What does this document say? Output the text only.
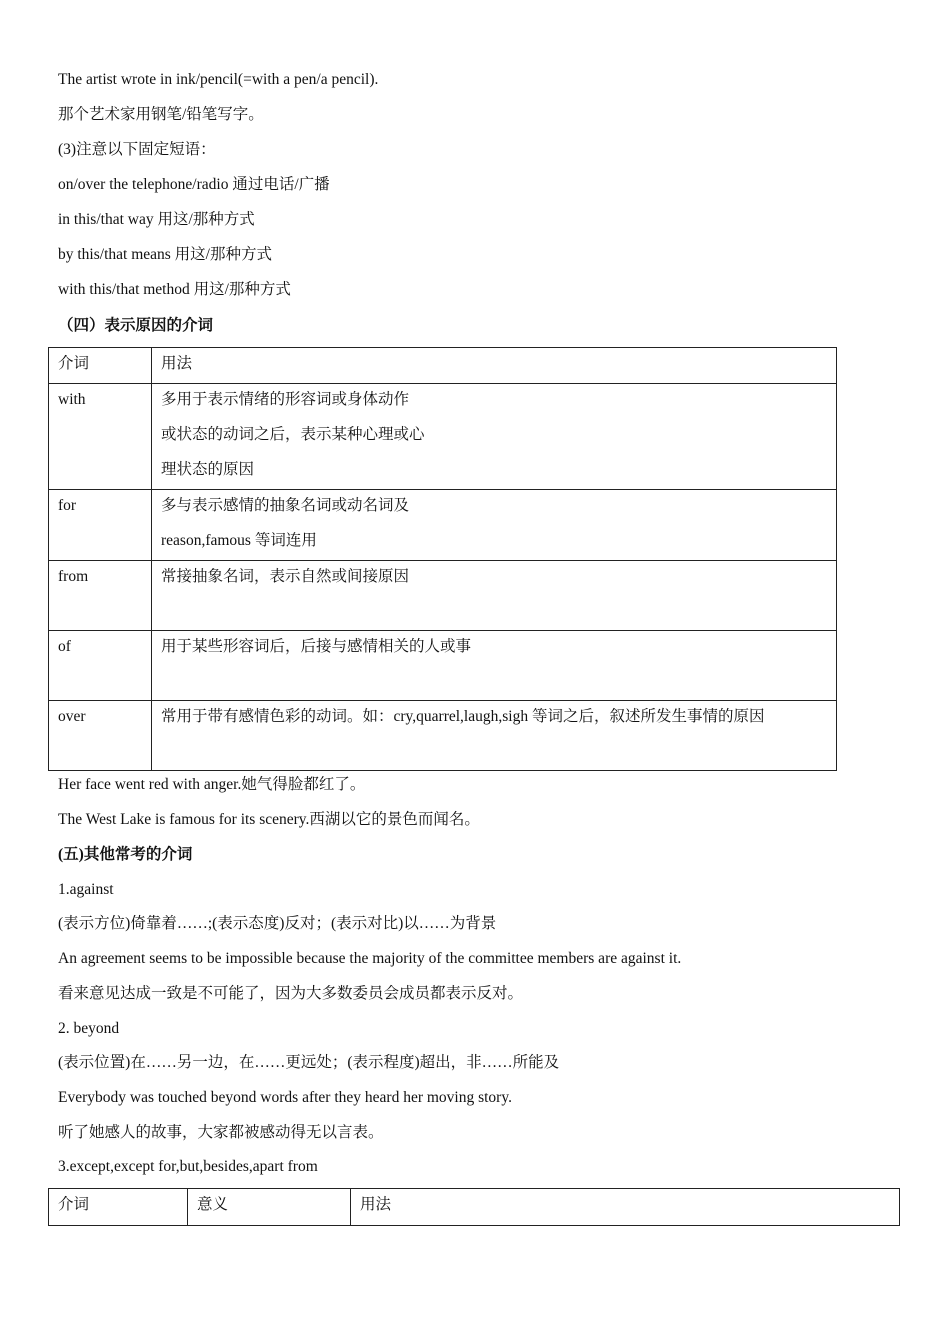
The artist wrote in ink/pencil(=with a pen/a pencil).
那个艺术家用钢笔/铅笔写字。
(3)注意以下固定短语：
on/over the telephone/radio 通过电话/广播
in this/that way 用这/那种方式
by this/that means 用这/那种方式
with this/that method 用这/那种方式
（四）表示原因的介词
介词	用法
with	多用于表示情绪的形容词或身体动作
或状态的动词之后，表示某种心理或心
理状态的原因

for	多与表示感情的抽象名词或动名词及
reason,famous 等词连用

from	常接抽象名词，表示自然或间接原因

of	用于某些形容词后，后接与感情相关的人或事

over	常用于带有感情色彩的动词。如：cry,quarrel,laugh,sigh 等词之后，叙述所发生事情的原因
Her face went red with anger.她气得脸都红了。
The West Lake is famous for its scenery.西湖以它的景色而闻名。
(五)其他常考的介词
1.against
(表示方位)倚靠着……;(表示态度)反对；(表示对比)以……为背景
An agreement seems to be impossible because the majority of the committee members are against it.
看来意见达成一致是不可能了，因为大多数委员会成员都表示反对。
2. beyond
(表示位置)在……另一边，在……更远处；(表示程度)超出，非……所能及
Everybody was touched beyond words after they heard her moving story.
听了她感人的故事，大家都被感动得无以言表。
3.except,except for,but,besides,apart from
介词	意义	用法
